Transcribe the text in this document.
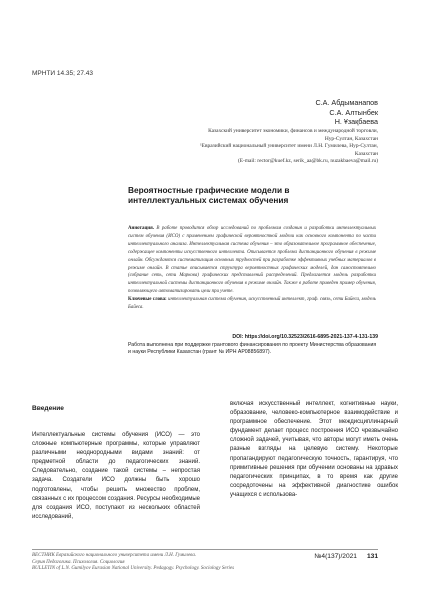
МРНТИ 14.35; 27.43
С.А. Абдыманапов
С.А. Алтынбек
Н. Ұзақбаева
Казахский университет экономики, финансов и международной торговли,
Нур-Султан, Казахстан
¹Евразийский национальный университет имени Л.Н. Гумилева, Нур-Султан, Казахстан
(E-mail: rector@kuef.kz, serik_aa@bk.ru, nuzakbaeva@mail.ru)
Вероятностные графические модели в
интеллектуальных системах обучения
Аннотация. В работе проводится обзор исследований по проблемам создания и разработки интеллектуальных систем обучения (ИСО) с применением графической вероятностной модели как основного компонента по части интеллектуального анализа. Интеллектуальная система обучения – это образовательное программное обеспечение, содержащее компоненты искусственного интеллекта. Описывается проблема дистанционного обучения в режиме онлайн. Обсуждаются систематизация основных трудностей при разработке эффективных учебных материалов в режиме онлайн. В статье описывается структура вероятностных графических моделей, дан самостоятельно (собрание сеть, сети Маркова) графических представлений распределений. Предлагается модель разработки интеллектуальной системы дистанционного обучения в режиме онлайн. Также в работе приведен пример обучения, позволяющего автоматизировать цели при учете.
Ключевые слова: интеллектуальная система обучения, искусственный интеллект, граф. связь, сети Байеса, модель Байеса.
DOI: https://doi.org/10.32523/2616-6895-2021-137-4-131-139
Работа выполнена при поддержке грантового финансирования по проекту Министерства образования и науки Республики Казахстан (грант № ИРН АР08856897).
Введение

Интеллектуальные системы обучения (ИСО) — это сложные компьютерные программы, которые управляют различными неоднородными видами знаний: от предметной области до педагогических знаний. Следовательно, создание такой системы – непростая задача. Создатели ИСО должны быть хорошо подготовлены, чтобы решить множество проблем, связанных с их процессом создания. Ресурсы необходимые для создания ИСО, поступают из нескольких областей исследований,

включая искусственный интеллект, когнитивные науки, образование, человеко-компьютерное взаимодействие и программное обеспечение. Этот междисциплинарный фундамент делает процесс построения ИСО чрезвычайно сложной задачей, учитывая, что авторы могут иметь очень разные взгляды на целевую систему. Некоторые пропагандируют педагогическую точность, гарантируя, что примитивные решения при обучении основаны на здравых педагогических принципах, в то время как другие сосредоточены на эффективной диагностике ошибок учащихся с использова-

ВЕСТНИК Евразийского национального университета имени Л.Н. Гумилева.
Серия Педагогика. Психология. Социология
BULLETIN of L.N. Gumilyov Eurasian National University. Pedagogy. Psychology. Sociology Series
№4(137)/2021 131
